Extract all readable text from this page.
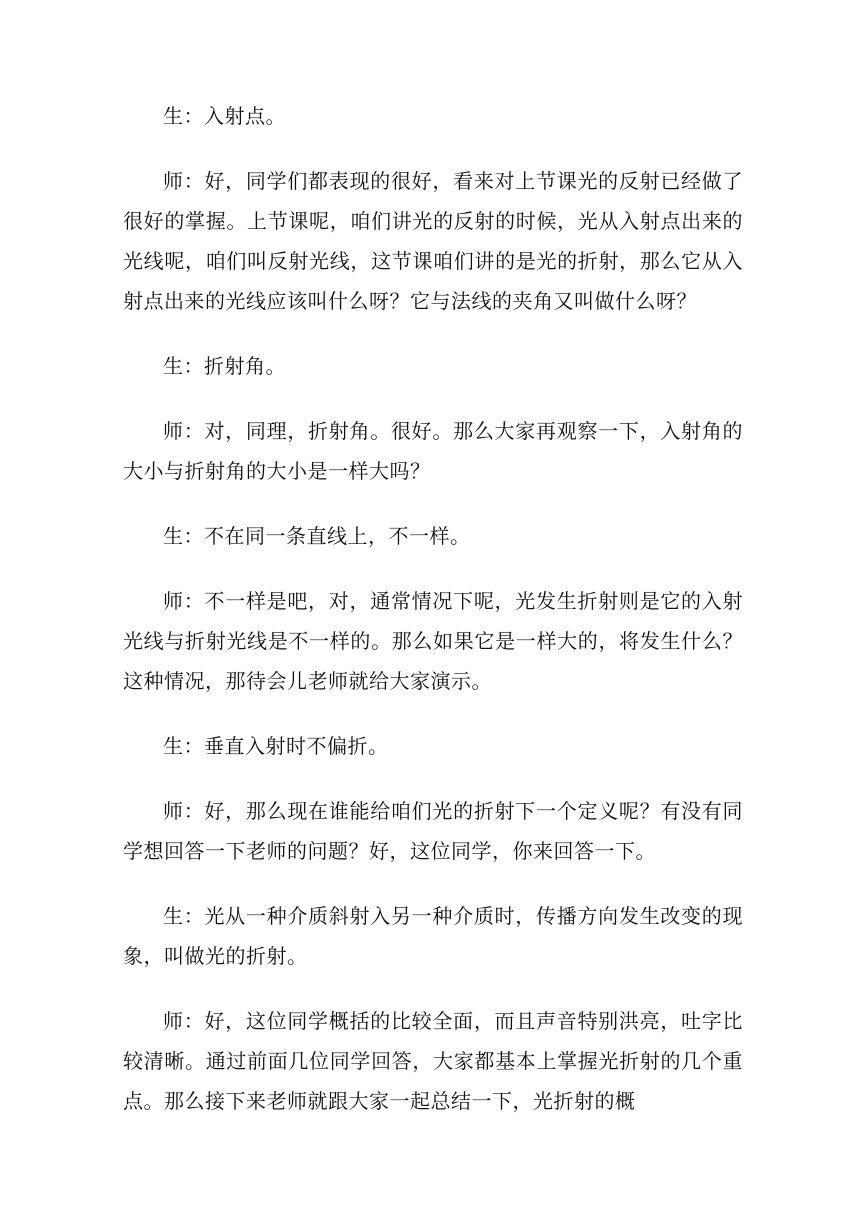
生：入射点。

师：好，同学们都表现的很好，看来对上节课光的反射已经做了很好的掌握。上节课呢，咱们讲光的反射的时候，光从入射点出来的光线呢，咱们叫反射光线，这节课咱们讲的是光的折射，那么它从入射点出来的光线应该叫什么呀？它与法线的夹角又叫做什么呀？

生：折射角。

师：对，同理，折射角。很好。那么大家再观察一下，入射角的大小与折射角的大小是一样大吗？

生：不在同一条直线上，不一样。

师：不一样是吧，对，通常情况下呢，光发生折射则是它的入射光线与折射光线是不一样的。那么如果它是一样大的，将发生什么？这种情况，那待会儿老师就给大家演示。

生：垂直入射时不偏折。

师：好，那么现在谁能给咱们光的折射下一个定义呢？有没有同学想回答一下老师的问题？好，这位同学，你来回答一下。

生：光从一种介质斜射入另一种介质时，传播方向发生改变的现象，叫做光的折射。

师：好，这位同学概括的比较全面，而且声音特别洪亮，吐字比较清晰。通过前面几位同学回答，大家都基本上掌握光折射的几个重点。那么接下来老师就跟大家一起总结一下，光折射的概
